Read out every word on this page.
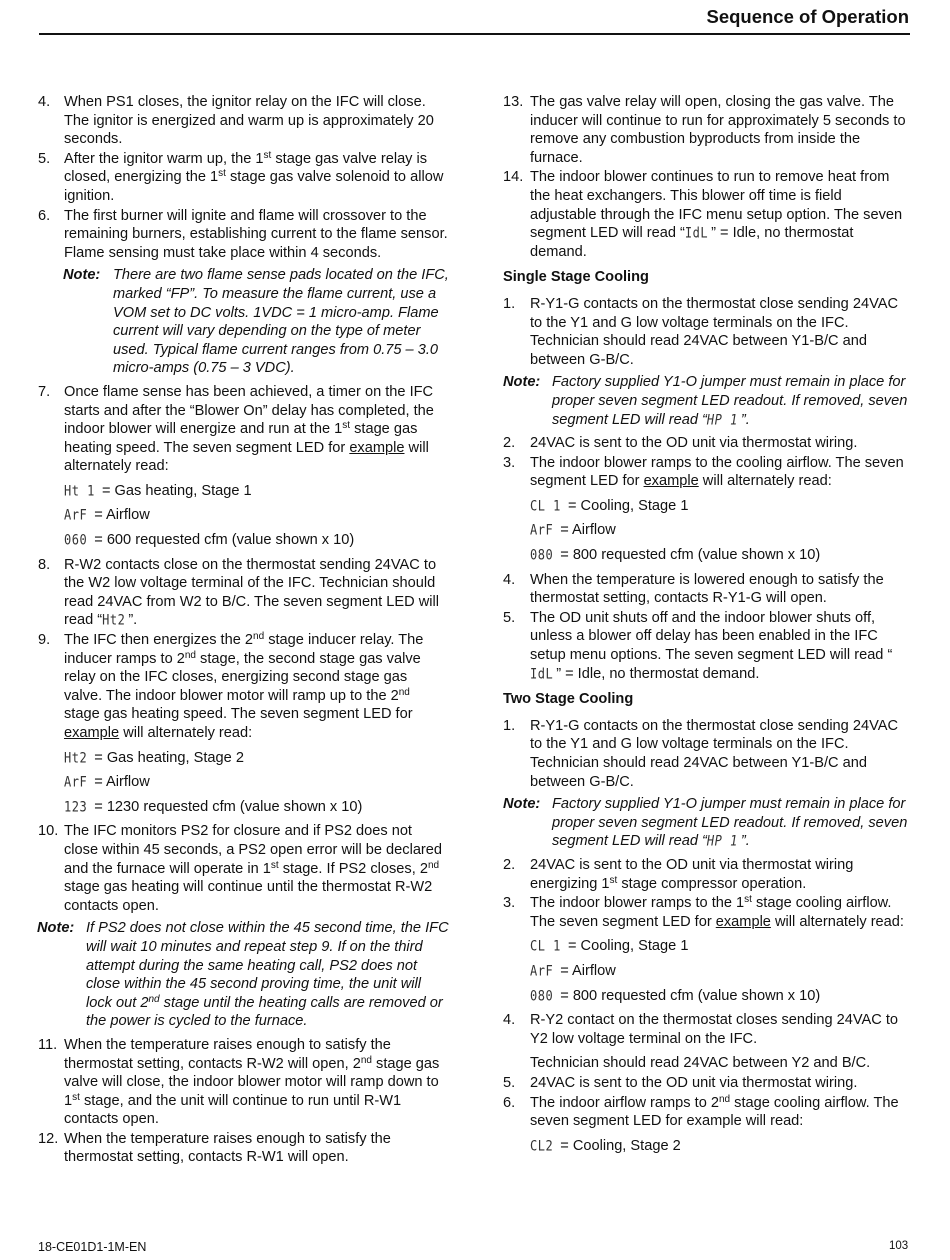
Sequence of Operation
4. When PS1 closes, the ignitor relay on the IFC will close. The ignitor is energized and warm up is approximately 20 seconds.
5. After the ignitor warm up, the 1st stage gas valve relay is closed, energizing the 1st stage gas valve solenoid to allow ignition.
6. The first burner will ignite and flame will crossover to the remaining burners, establishing current to the flame sensor. Flame sensing must take place within 4 seconds.
Note: There are two flame sense pads located on the IFC, marked “FP”. To measure the flame current, use a VOM set to DC volts. 1VDC = 1 micro-amp. Flame current will vary depending on the type of meter used. Typical flame current ranges from 0.75 – 3.0 micro-amps (0.75 – 3 VDC).
7. Once flame sense has been achieved, a timer on the IFC starts and after the “Blower On” delay has completed, the indoor blower will energize and run at the 1st stage gas heating speed. The seven segment LED for example will alternately read:
Ht 1 = Gas heating, Stage 1
ArF = Airflow
060 = 600 requested cfm (value shown x 10)
8. R-W2 contacts close on the thermostat sending 24VAC to the W2 low voltage terminal of the IFC. Technician should read 24VAC from W2 to B/C. The seven segment LED will read “Ht2 ”.
9. The IFC then energizes the 2nd stage inducer relay. The inducer ramps to 2nd stage, the second stage gas valve relay on the IFC closes, energizing second stage gas valve. The indoor blower motor will ramp up to the 2nd stage gas heating speed. The seven segment LED for example will alternately read:
Ht2 = Gas heating, Stage 2
ArF = Airflow
123 = 1230 requested cfm (value shown x 10)
10. The IFC monitors PS2 for closure and if PS2 does not close within 45 seconds, a PS2 open error will be declared and the furnace will operate in 1st stage. If PS2 closes, 2nd stage gas heating will continue until the thermostat R-W2 contacts open.
Note: If PS2 does not close within the 45 second time, the IFC will wait 10 minutes and repeat step 9. If on the third attempt during the same heating call, PS2 does not close within the 45 second proving time, the unit will lock out 2nd stage until the heating calls are removed or the power is cycled to the furnace.
11. When the temperature raises enough to satisfy the thermostat setting, contacts R-W2 will open, 2nd stage gas valve will close, the indoor blower motor will ramp down to 1st stage, and the unit will continue to run until R-W1 contacts open.
12. When the temperature raises enough to satisfy the thermostat setting, contacts R-W1 will open.
13. The gas valve relay will open, closing the gas valve. The inducer will continue to run for approximately 5 seconds to remove any combustion byproducts from inside the furnace.
14. The indoor blower continues to run to remove heat from the heat exchangers. This blower off time is field adjustable through the IFC menu setup option. The seven segment LED will read “IdL ” = Idle, no thermostat demand.
Single Stage Cooling
1. R-Y1-G contacts on the thermostat close sending 24VAC to the Y1 and G low voltage terminals on the IFC. Technician should read 24VAC between Y1-B/C and between G-B/C.
Note: Factory supplied Y1-O jumper must remain in place for proper seven segment LED readout. If removed, seven segment LED will read “HP 1 ”.
2. 24VAC is sent to the OD unit via thermostat wiring.
3. The indoor blower ramps to the cooling airflow. The seven segment LED for example will alternately read:
CL 1 = Cooling, Stage 1
ArF = Airflow
080 = 800 requested cfm (value shown x 10)
4. When the temperature is lowered enough to satisfy the thermostat setting, contacts R-Y1-G will open.
5. The OD unit shuts off and the indoor blower shuts off, unless a blower off delay has been enabled in the IFC setup menu options. The seven segment LED will read “IdL ” = Idle, no thermostat demand.
Two Stage Cooling
1. R-Y1-G contacts on the thermostat close sending 24VAC to the Y1 and G low voltage terminals on the IFC. Technician should read 24VAC between Y1-B/C and between G-B/C.
Note: Factory supplied Y1-O jumper must remain in place for proper seven segment LED readout. If removed, seven segment LED will read “HP 1 ”.
2. 24VAC is sent to the OD unit via thermostat wiring energizing 1st stage compressor operation.
3. The indoor blower ramps to the 1st stage cooling airflow. The seven segment LED for example will alternately read:
CL 1 = Cooling, Stage 1
ArF = Airflow
080 = 800 requested cfm (value shown x 10)
4. R-Y2 contact on the thermostat closes sending 24VAC to Y2 low voltage terminal on the IFC.
Technician should read 24VAC between Y2 and B/C.
5. 24VAC is sent to the OD unit via thermostat wiring.
6. The indoor airflow ramps to 2nd stage cooling airflow. The seven segment LED for example will read:
CL2 = Cooling, Stage 2
18-CE01D1-1M-EN	103
